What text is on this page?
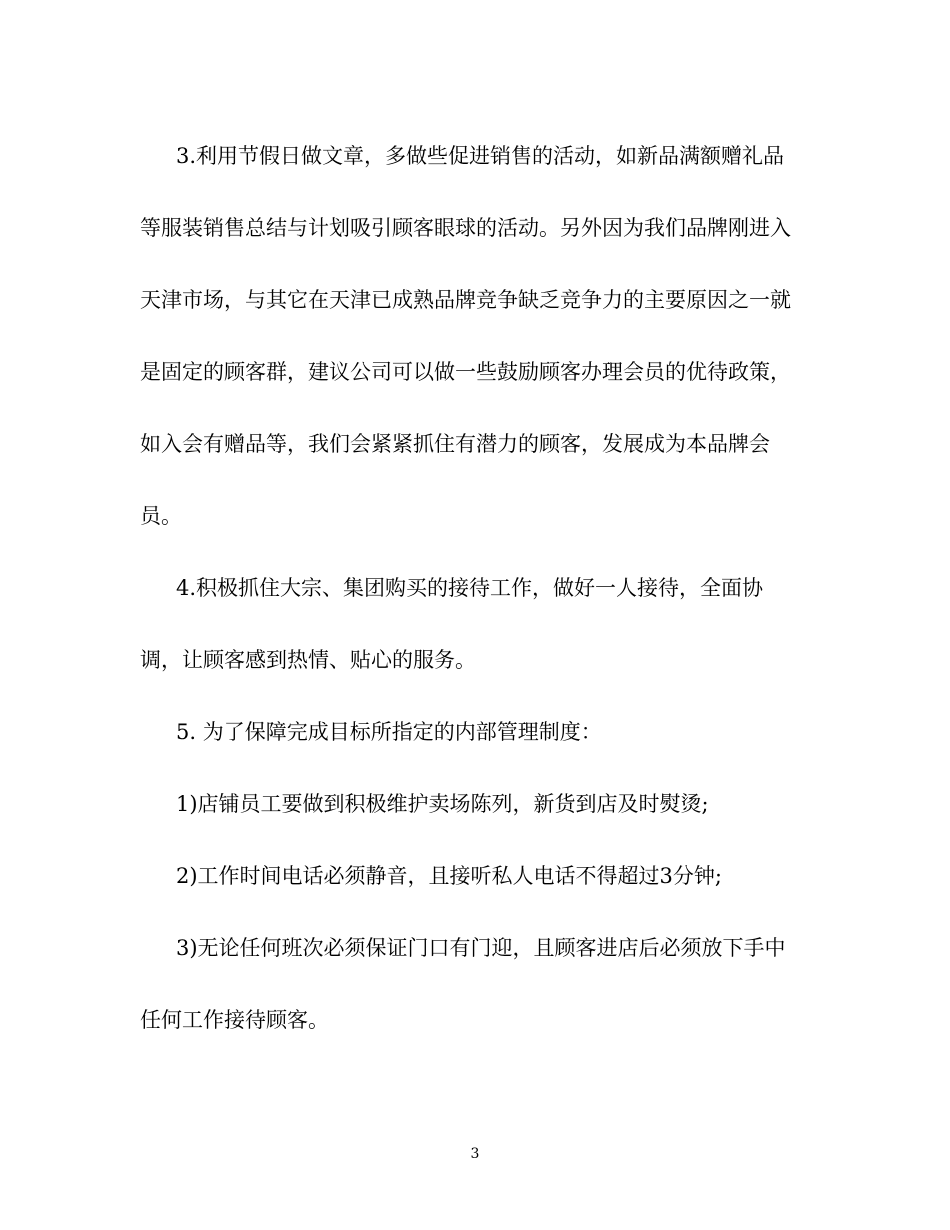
3.利用节假日做文章，多做些促进销售的活动，如新品满额赠礼品
等服装销售总结与计划吸引顾客眼球的活动。另外因为我们品牌刚进入
天津市场，与其它在天津已成熟品牌竞争缺乏竞争力的主要原因之一就
是固定的顾客群，建议公司可以做一些鼓励顾客办理会员的优待政策，
如入会有赠品等，我们会紧紧抓住有潜力的顾客，发展成为本品牌会
员。
4.积极抓住大宗、集团购买的接待工作，做好一人接待，全面协
调，让顾客感到热情、贴心的服务。
5. 为了保障完成目标所指定的内部管理制度：
1)店铺员工要做到积极维护卖场陈列，新货到店及时熨烫;
2)工作时间电话必须静音，且接听私人电话不得超过3分钟;
3)无论任何班次必须保证门口有门迎，且顾客进店后必须放下手中
任何工作接待顾客。
3
